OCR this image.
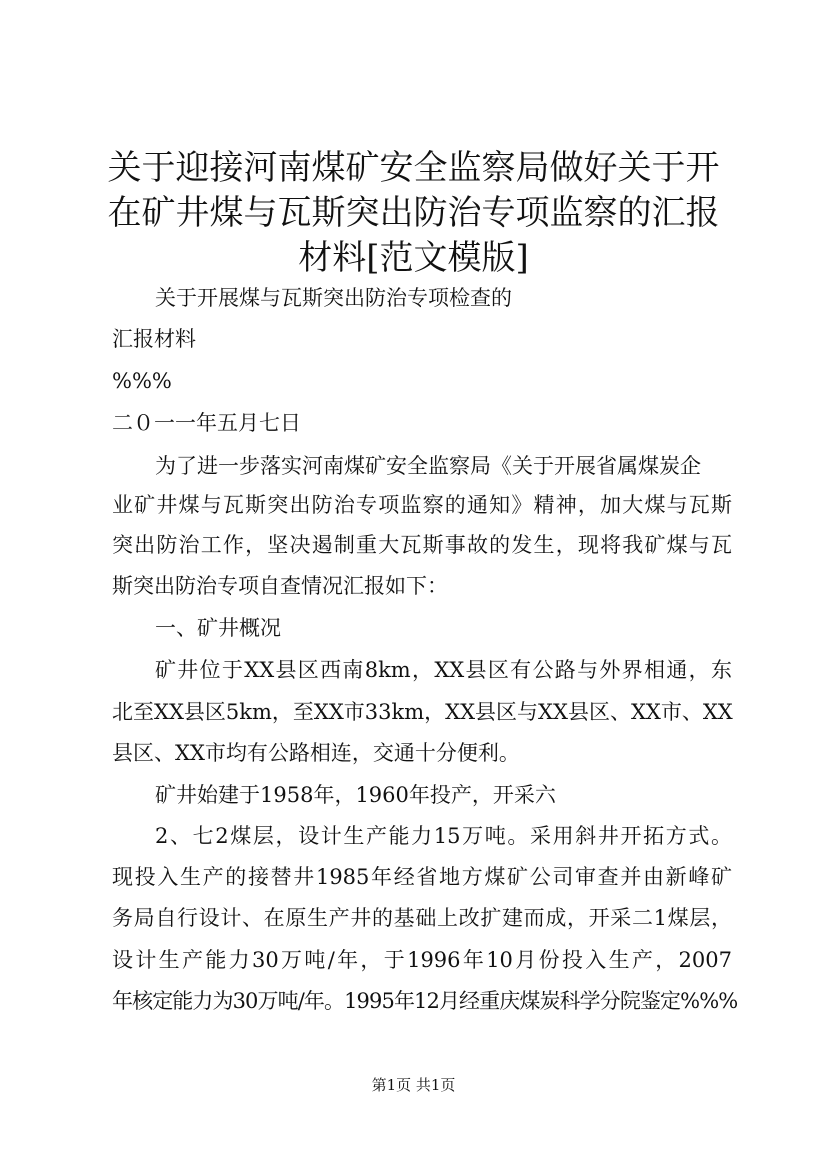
关于迎接河南煤矿安全监察局做好关于开在矿井煤与瓦斯突出防治专项监察的汇报材料[范文模版]

关于开展煤与瓦斯突出防治专项检查的

汇报材料

%%%

二０一一年五月七日

为了进一步落实河南煤矿安全监察局《关于开展省属煤炭企

业矿井煤与瓦斯突出防治专项监察的通知》精神，加大煤与瓦斯

突出防治工作，坚决遏制重大瓦斯事故的发生，现将我矿煤与瓦

斯突出防治专项自查情况汇报如下：

一、矿井概况

矿井位于XX县区西南8km，XX县区有公路与外界相通，东

北至XX县区5km，至XX市33km，XX县区与XX县区、XX市、XX

县区、XX市均有公路相连，交通十分便利。

矿井始建于1958年，1960年投产，开采六

2、七2煤层，设计生产能力15万吨。采用斜井开拓方式。

现投入生产的接替井1985年经省地方煤矿公司审查并由新峰矿

务局自行设计、在原生产井的基础上改扩建而成，开采二1煤层，

设计生产能力30万吨/年，于1996年10月份投入生产，2007

年核定能力为30万吨/年。1995年12月经重庆煤炭科学分院鉴定%%%

第1页 共1页
